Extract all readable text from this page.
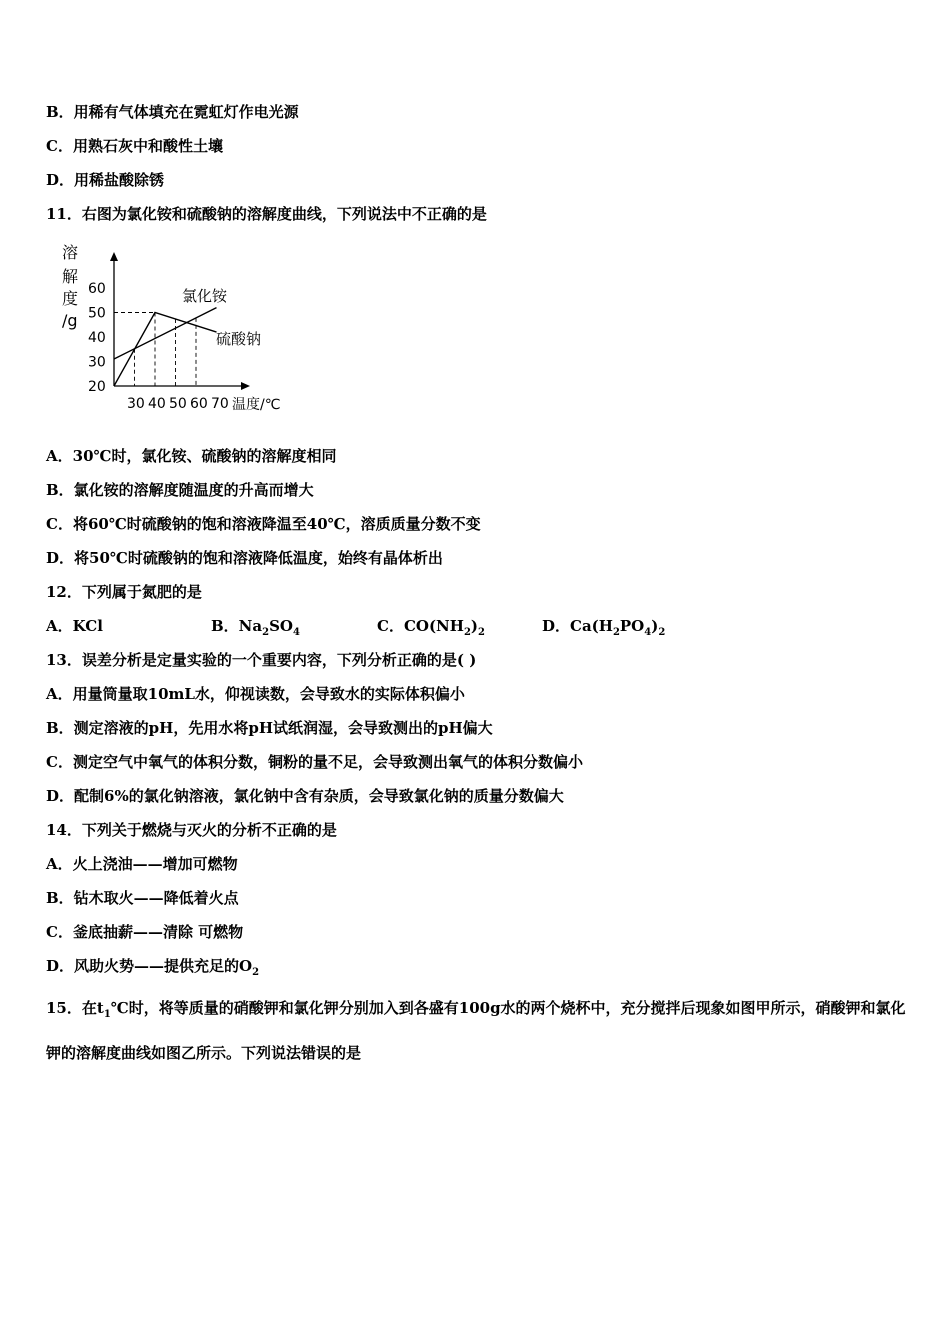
B．用稀有气体填充在霓虹灯作电光源
C．用熟石灰中和酸性土壤
D．用稀盐酸除锈
11．右图为氯化铵和硫酸钠的溶解度曲线，下列说法中不正确的是
溶
解
度
/g
20
30
40
50
60
30 40 50 60 70 温度/℃
氯化铵
硫酸钠
A．30℃时，氯化铵、硫酸钠的溶解度相同
B．氯化铵的溶解度随温度的升高而增大
C．将60℃时硫酸钠的饱和溶液降温至40℃，溶质质量分数不变
D．将50℃时硫酸钠的饱和溶液降低温度，始终有晶体析出
12．下列属于氮肥的是
A．KCl	B．$Na_2SO_4$	C．$CO(NH_2)_2$	D．$Ca(H_2PO_4)_2$
13．误差分析是定量实验的一个重要内容，下列分析正确的是( )
A．用量筒量取10mL水，仰视读数，会导致水的实际体积偏小
B．测定溶液的pH，先用水将pH试纸润湿，会导致测出的pH偏大
C．测定空气中氧气的体积分数，铜粉的量不足，会导致测出氧气的体积分数偏小
D．配制6%的氯化钠溶液，氯化钠中含有杂质，会导致氯化钠的质量分数偏大
14．下列关于燃烧与灭火的分析不正确的是
A．火上浇油——增加可燃物
B．钻木取火——降低着火点
C．釜底抽薪——清除 可燃物
D．风助火势——提供充足的$O_2$
15．在$t_1℃$时，将等质量的硝酸钾和氯化钾分别加入到各盛有100g水的两个烧杯中，充分搅拌后现象如图甲所示，硝酸钾和氯化钾的溶解度曲线如图乙所示。下列说法错误的是
